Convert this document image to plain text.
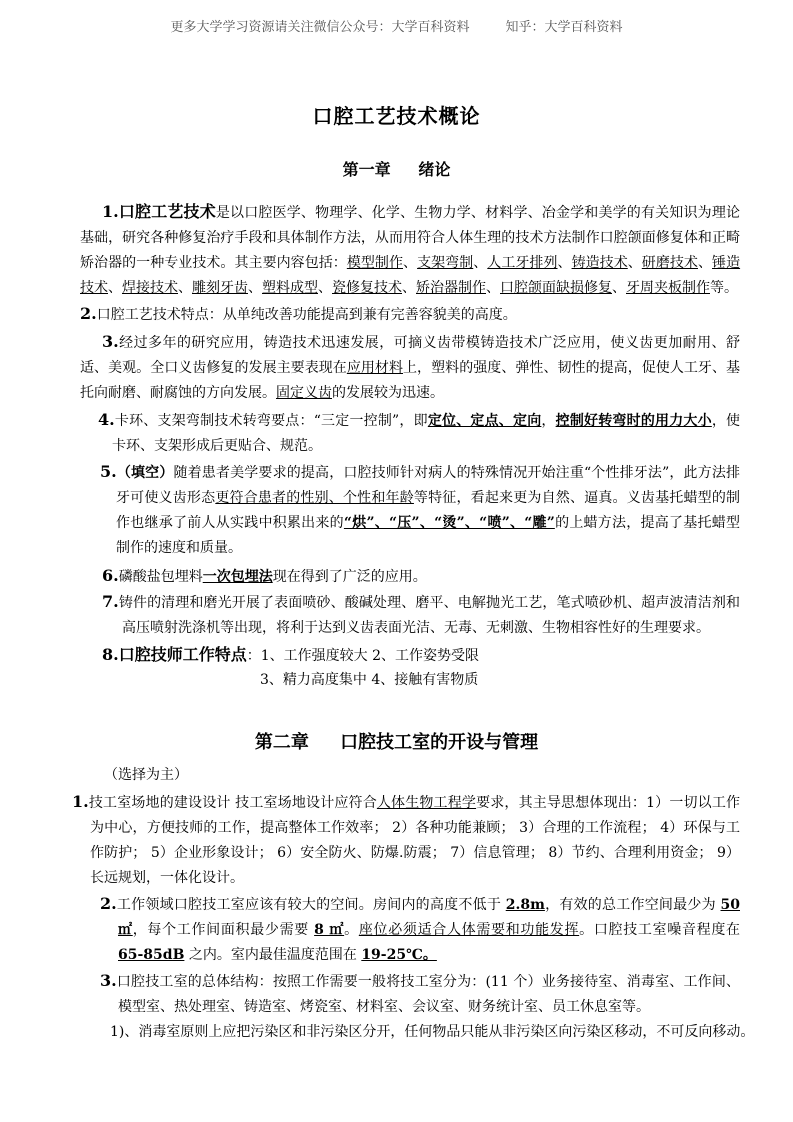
更多大学学习资源请关注微信公众号：大学百科资料	知乎：大学百科资料
口腔工艺技术概论
第一章     绪论

1.口腔工艺技术是以口腔医学、物理学、化学、生物力学、材料学、冶金学和美学的有关知识为理论基础，研究各种修复治疗手段和具体制作方法，从而用符合人体生理的技术方法制作口腔颌面修复体和正畸矫治器的一种专业技术。其主要内容包括：模型制作、支架弯制、人工牙排列、铸造技术、研磨技术、锤造技术、焊接技术、雕刻牙齿、塑料成型、瓷修复技术、矫治器制作、口腔颌面缺损修复、牙周夹板制作等。

2.口腔工艺技术特点：从单纯改善功能提高到兼有完善容貌美的高度。

3.经过多年的研究应用，铸造技术迅速发展，可摘义齿带模铸造技术广泛应用，使义齿更加耐用、舒适、美观。全口义齿修复的发展主要表现在应用材料上，塑料的强度、弹性、韧性的提高，促使人工牙、基托向耐磨、耐腐蚀的方向发展。固定义齿的发展较为迅速。

4.卡环、支架弯制技术转弯要点：“三定一控制”，即定位、定点、定向，控制好转弯时的用力大小，使卡环、支架形成后更贴合、规范。

5.（填空）随着患者美学要求的提高，口腔技师针对病人的特殊情况开始注重“个性排牙法”，此方法排牙可使义齿形态更符合患者的性别、个性和年龄等特征，看起来更为自然、逼真。义齿基托蜡型的制作也继承了前人从实践中积累出来的“烘”、“压”、“烫”、“喷”、“雕”的上蜡方法，提高了基托蜡型制作的速度和质量。

6.磷酸盐包埋料一次包埋法现在得到了广泛的应用。

7.铸件的清理和磨光开展了表面喷砂、酸碱处理、磨平、电解抛光工艺，笔式喷砂机、超声波清洁剂和高压喷射洗涤机等出现，将利于达到义齿表面光洁、无毒、无刺激、生物相容性好的生理要求。

8.口腔技师工作特点：1、工作强度较大 2、工作姿势受限

3、精力高度集中 4、接触有害物质

第二章     口腔技工室的开设与管理

（选择为主）

1.技工室场地的建设设计 技工室场地设计应符合人体生物工程学要求，其主导思想体现出：1）一切以工作为中心，方便技师的工作，提高整体工作效率； 2）各种功能兼顾； 3）合理的工作流程； 4）环保与工作防护； 5）企业形象设计； 6）安全防火、防爆.防震； 7）信息管理； 8）节约、合理利用资金； 9）长远规划，一体化设计。

2.工作领域口腔技工室应该有较大的空间。房间内的高度不低于 2.8m，有效的总工作空间最少为 50 ㎡，每个工作间面积最少需要 8 ㎡。座位必须适合人体需要和功能发挥。口腔技工室噪音程度在 65-85dB 之内。室内最佳温度范围在 19-25℃。

3.口腔技工室的总体结构：按照工作需要一般将技工室分为：(11 个）业务接待室、消毒室、工作间、模型室、热处理室、铸造室、烤瓷室、材料室、会议室、财务统计室、员工休息室等。

1)、消毒室原则上应把污染区和非污染区分开，任何物品只能从非污染区向污染区移动，不可反向移动。
